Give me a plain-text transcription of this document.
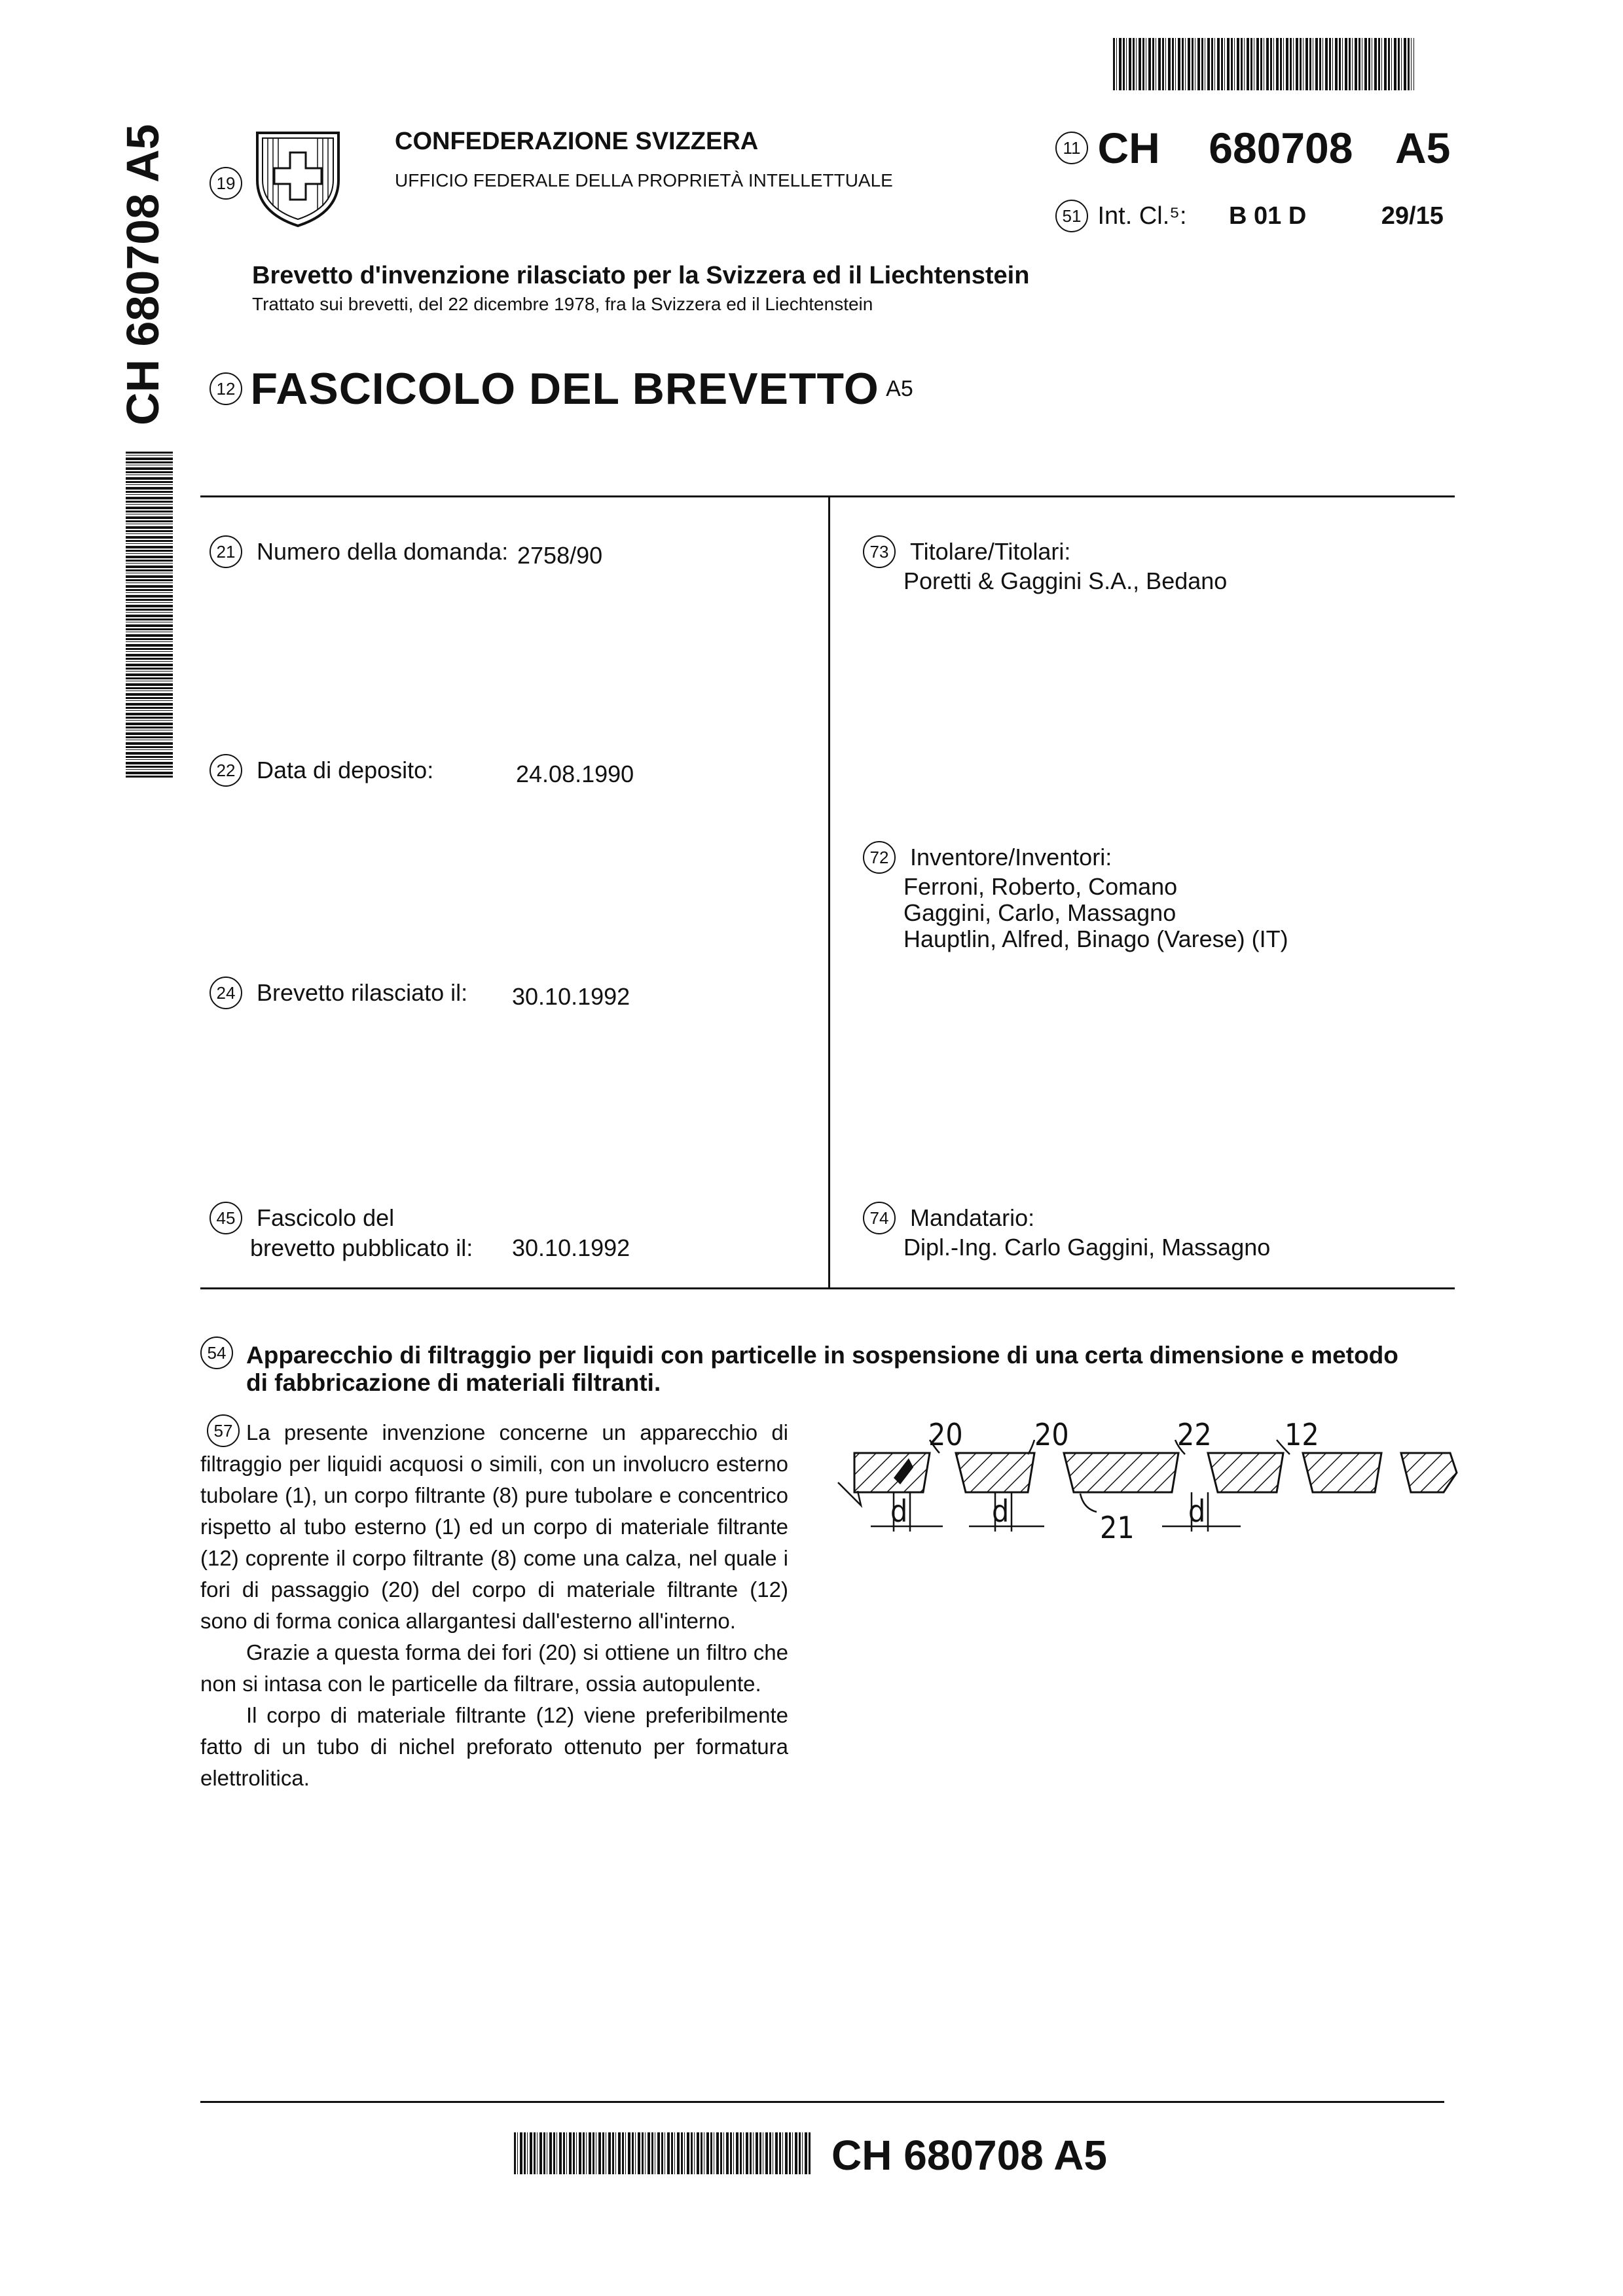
CH 680708 A5	19
CONFEDERAZIONE SVIZZERA
UFFICIO FEDERALE DELLA PROPRIETÀ INTELLETTUALE
11 CH 680708 A5
51 Int. Cl.⁵: B 01 D	29/15
Brevetto d'invenzione rilasciato per la Svizzera ed il Liechtenstein
Trattato sui brevetti, del 22 dicembre 1978, fra la Svizzera ed il Liechtenstein
12 FASCICOLO DEL BREVETTO A5
21 Numero della domanda: 2758/90
22 Data di deposito:	24.08.1990
24 Brevetto rilasciato il: 30.10.1992
45 Fascicolo del
brevetto pubblicato il: 30.10.1992
73 Titolare/Titolari:
Poretti & Gaggini S.A., Bedano
72 Inventore/Inventori:
Ferroni, Roberto, Comano
Gaggini, Carlo, Massagno
Hauptlin, Alfred, Binago (Varese) (IT)
74 Mandatario:
Dipl.-Ing. Carlo Gaggini, Massagno
54 Apparecchio di filtraggio per liquidi con particelle in sospensione di una certa dimensione e metodo
di fabbricazione di materiali filtranti.
57 La presente invenzione concerne un apparecchio di filtraggio per liquidi acquosi o simili, con un involucro esterno tubolare (1), un corpo filtrante (8) pure tubolare e concentrico rispetto al tubo esterno (1) ed un corpo di materiale filtrante (12) coprente il corpo filtrante (8) come una calza, nel quale i fori di passaggio (20) del corpo di materiale filtrante (12) sono di forma conica allargantesi dall'esterno all'interno.

Grazie a questa forma dei fori (20) si ottiene un filtro che non si intasa con le particelle da filtrare, ossia autopulente.

Il corpo di materiale filtrante (12) viene preferibilmente fatto di un tubo di nichel preforato ottenuto per formatura elettrolitica.

20 20	22 12
d	d	21 d
CH 680708 A5
